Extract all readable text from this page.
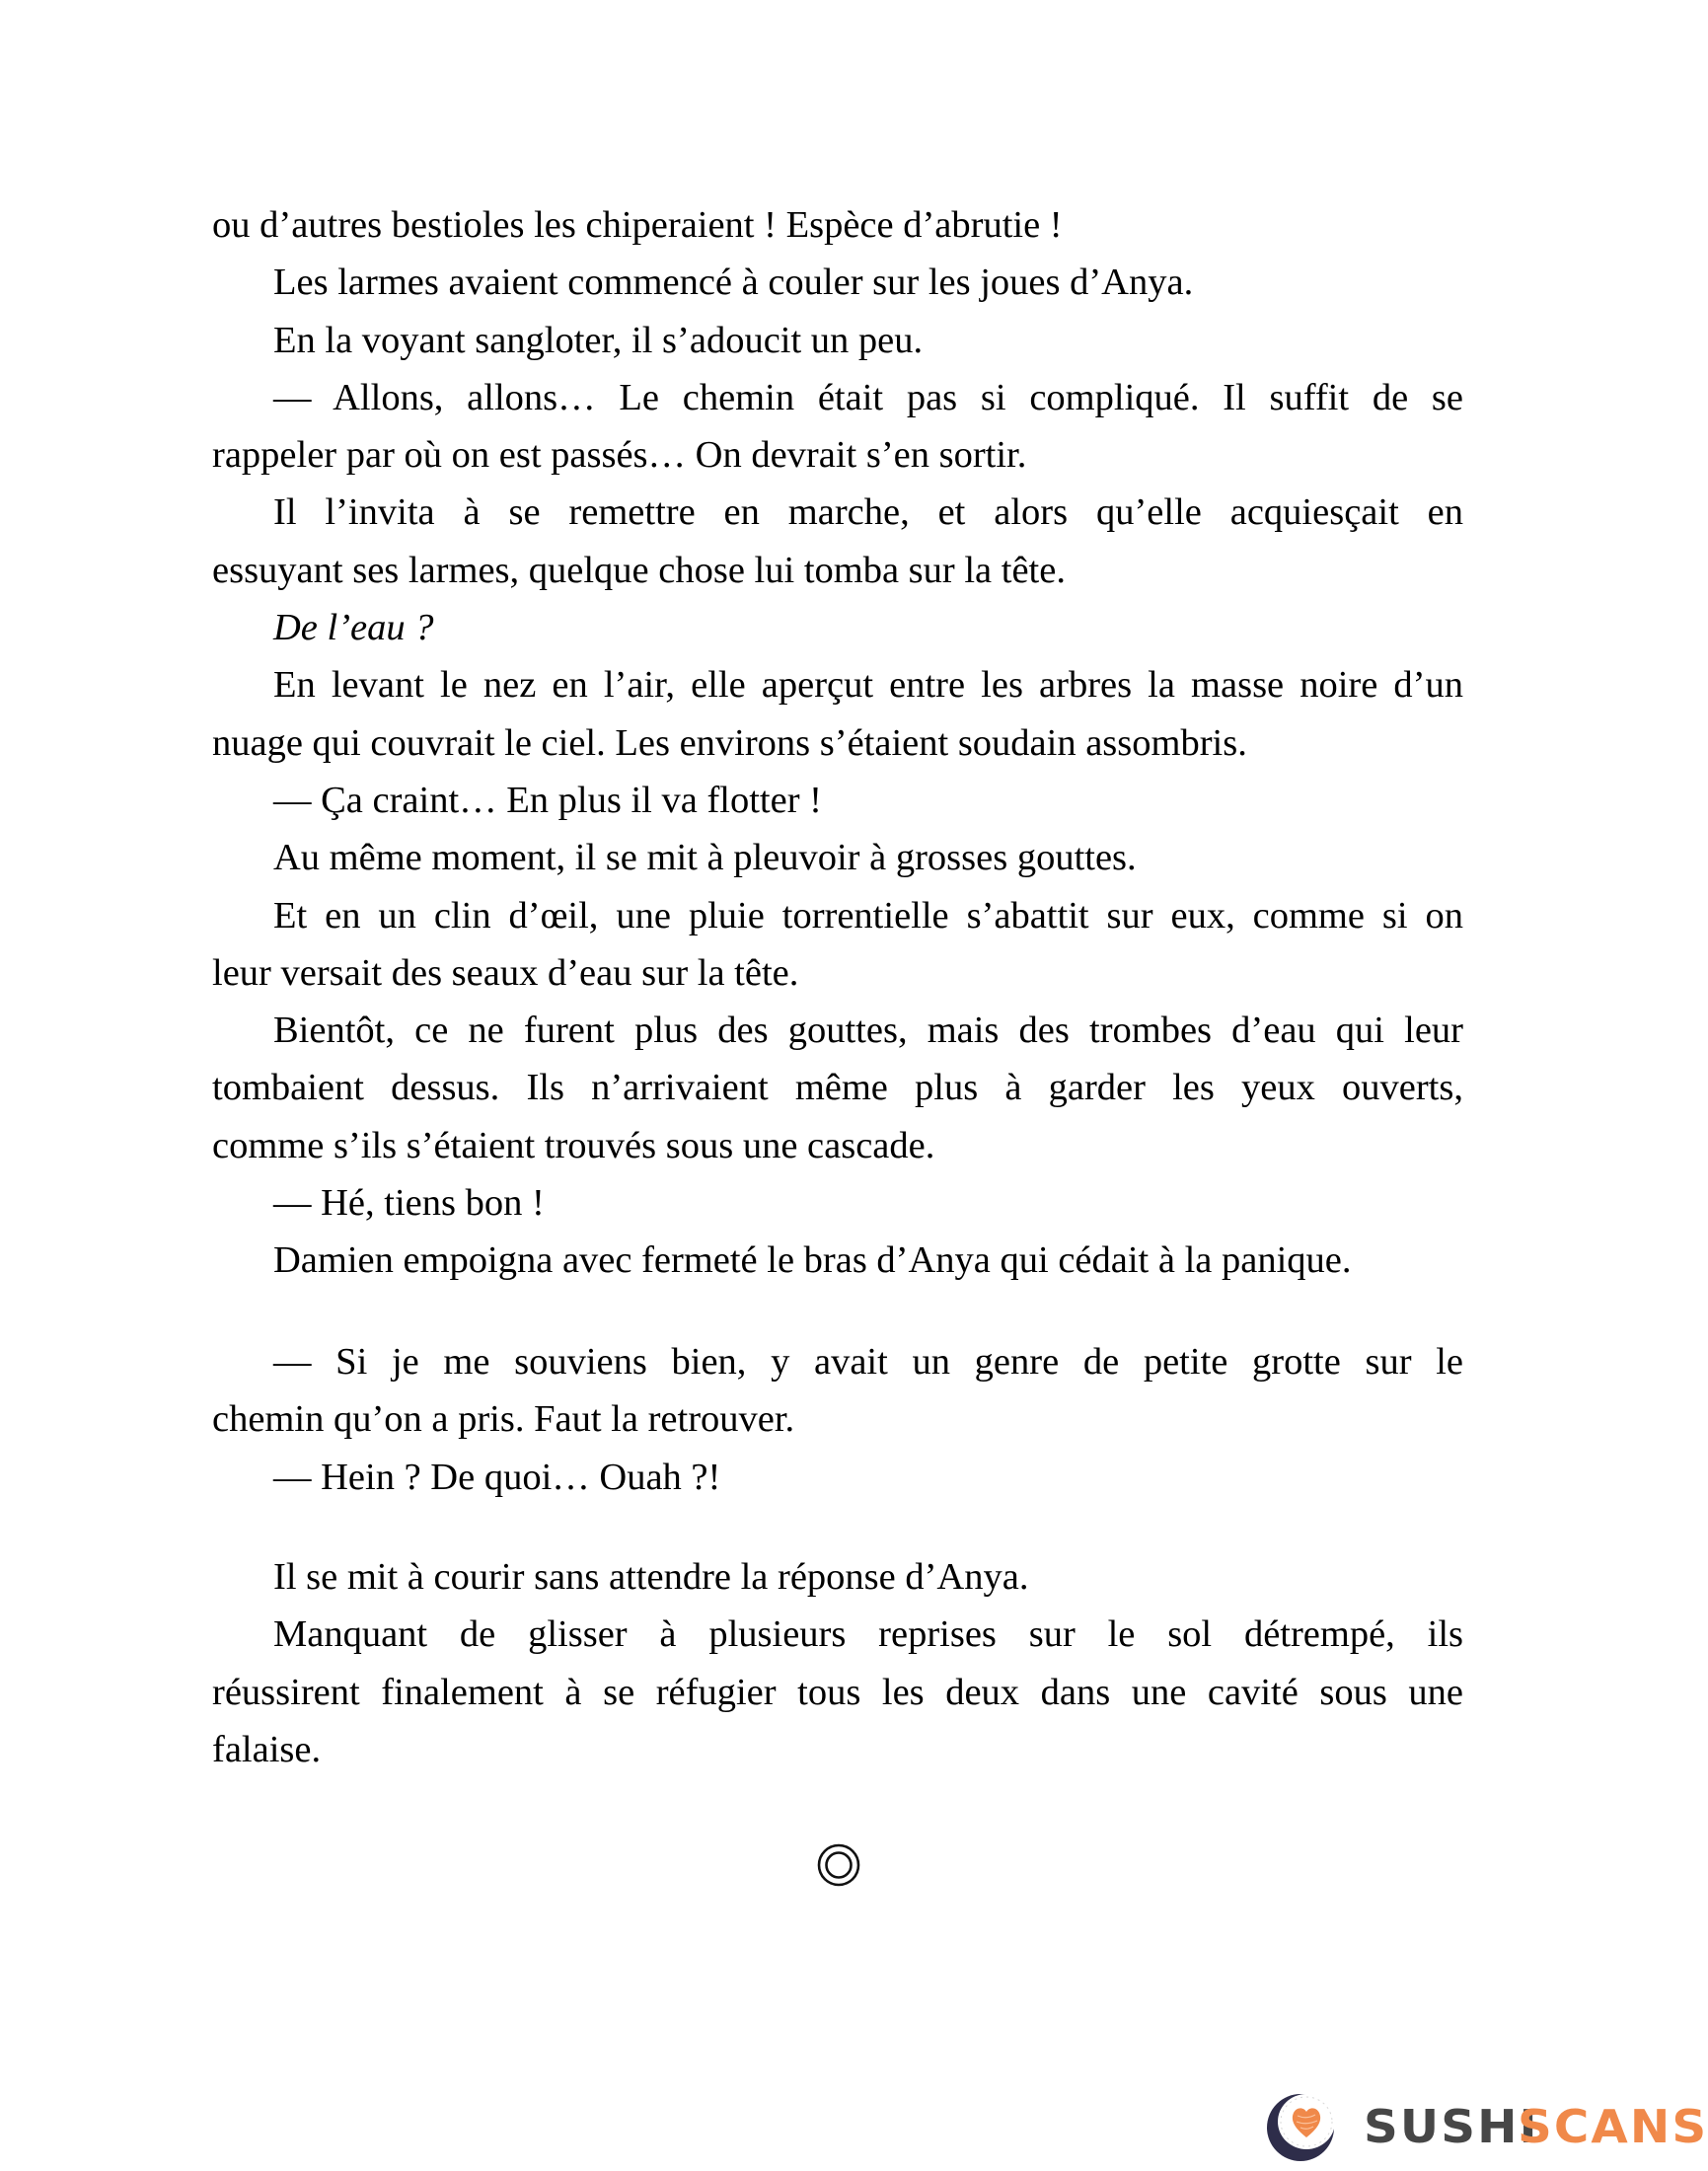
ou d’autres bestioles les chiperaient ! Espèce d’abrutie !
Les larmes avaient commencé à couler sur les joues d’Anya.
En la voyant sangloter, il s’adoucit un peu.
— Allons, allons… Le chemin était pas si compliqué. Il suffit de se
rappeler par où on est passés… On devrait s’en sortir.
Il l’invita à se remettre en marche, et alors qu’elle acquiesçait en
essuyant ses larmes, quelque chose lui tomba sur la tête.
De l’eau ?
En levant le nez en l’air, elle aperçut entre les arbres la masse noire d’un
nuage qui couvrait le ciel. Les environs s’étaient soudain assombris.
— Ça craint… En plus il va flotter !
Au même moment, il se mit à pleuvoir à grosses gouttes.
Et en un clin d’œil, une pluie torrentielle s’abattit sur eux, comme si on
leur versait des seaux d’eau sur la tête.
Bientôt, ce ne furent plus des gouttes, mais des trombes d’eau qui leur
tombaient dessus. Ils n’arrivaient même plus à garder les yeux ouverts,
comme s’ils s’étaient trouvés sous une cascade.
— Hé, tiens bon !
Damien empoigna avec fermeté le bras d’Anya qui cédait à la panique.
— Si je me souviens bien, y avait un genre de petite grotte sur le
chemin qu’on a pris. Faut la retrouver.
— Hein ? De quoi… Ouah ?!
Il se mit à courir sans attendre la réponse d’Anya.
Manquant de glisser à plusieurs reprises sur le sol détrempé, ils
réussirent finalement à se réfugier tous les deux dans une cavité sous une
falaise.
SUSHI
SCANS
